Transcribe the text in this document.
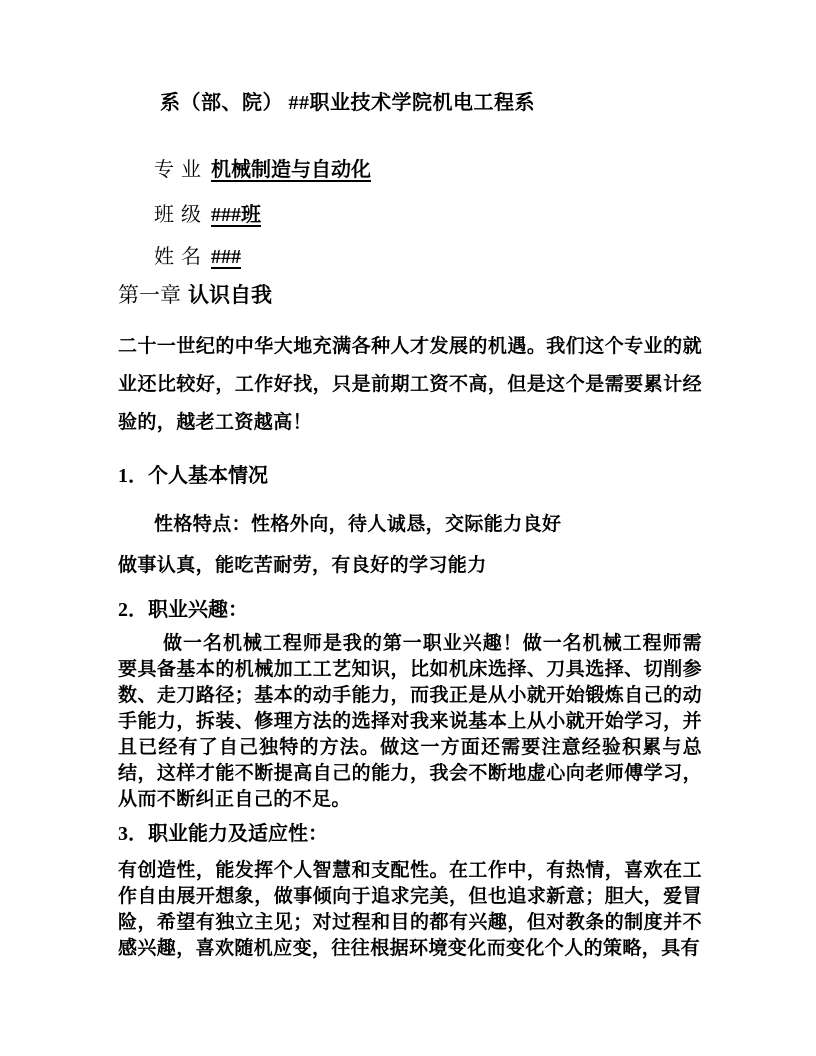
系（部、院） ##职业技术学院机电工程系

专 业 机械制造与自动化

班 级 ###班

姓 名 ###

第一章 认识自我

二十一世纪的中华大地充满各种人才发展的机遇。我们这个专业的就业还比较好，工作好找，只是前期工资不高，但是这个是需要累计经验的，越老工资越高！

1．个人基本情况

性格特点：性格外向，待人诚恳，交际能力良好

做事认真，能吃苦耐劳，有良好的学习能力

2．职业兴趣：

做一名机械工程师是我的第一职业兴趣！做一名机械工程师需要具备基本的机械加工工艺知识，比如机床选择、刀具选择、切削参数、走刀路径；基本的动手能力，而我正是从小就开始锻炼自己的动手能力，拆装、修理方法的选择对我来说基本上从小就开始学习，并且已经有了自己独特的方法。做这一方面还需要注意经验积累与总结，这样才能不断提高自己的能力，我会不断地虚心向老师傅学习，从而不断纠正自己的不足。

3．职业能力及适应性：

有创造性，能发挥个人智慧和支配性。在工作中，有热情，喜欢在工作自由展开想象，做事倾向于追求完美，但也追求新意；胆大，爱冒险，希望有独立主见；对过程和目的都有兴趣，但对教条的制度并不感兴趣，喜欢随机应变，往往根据环境变化而变化个人的策略，具有
